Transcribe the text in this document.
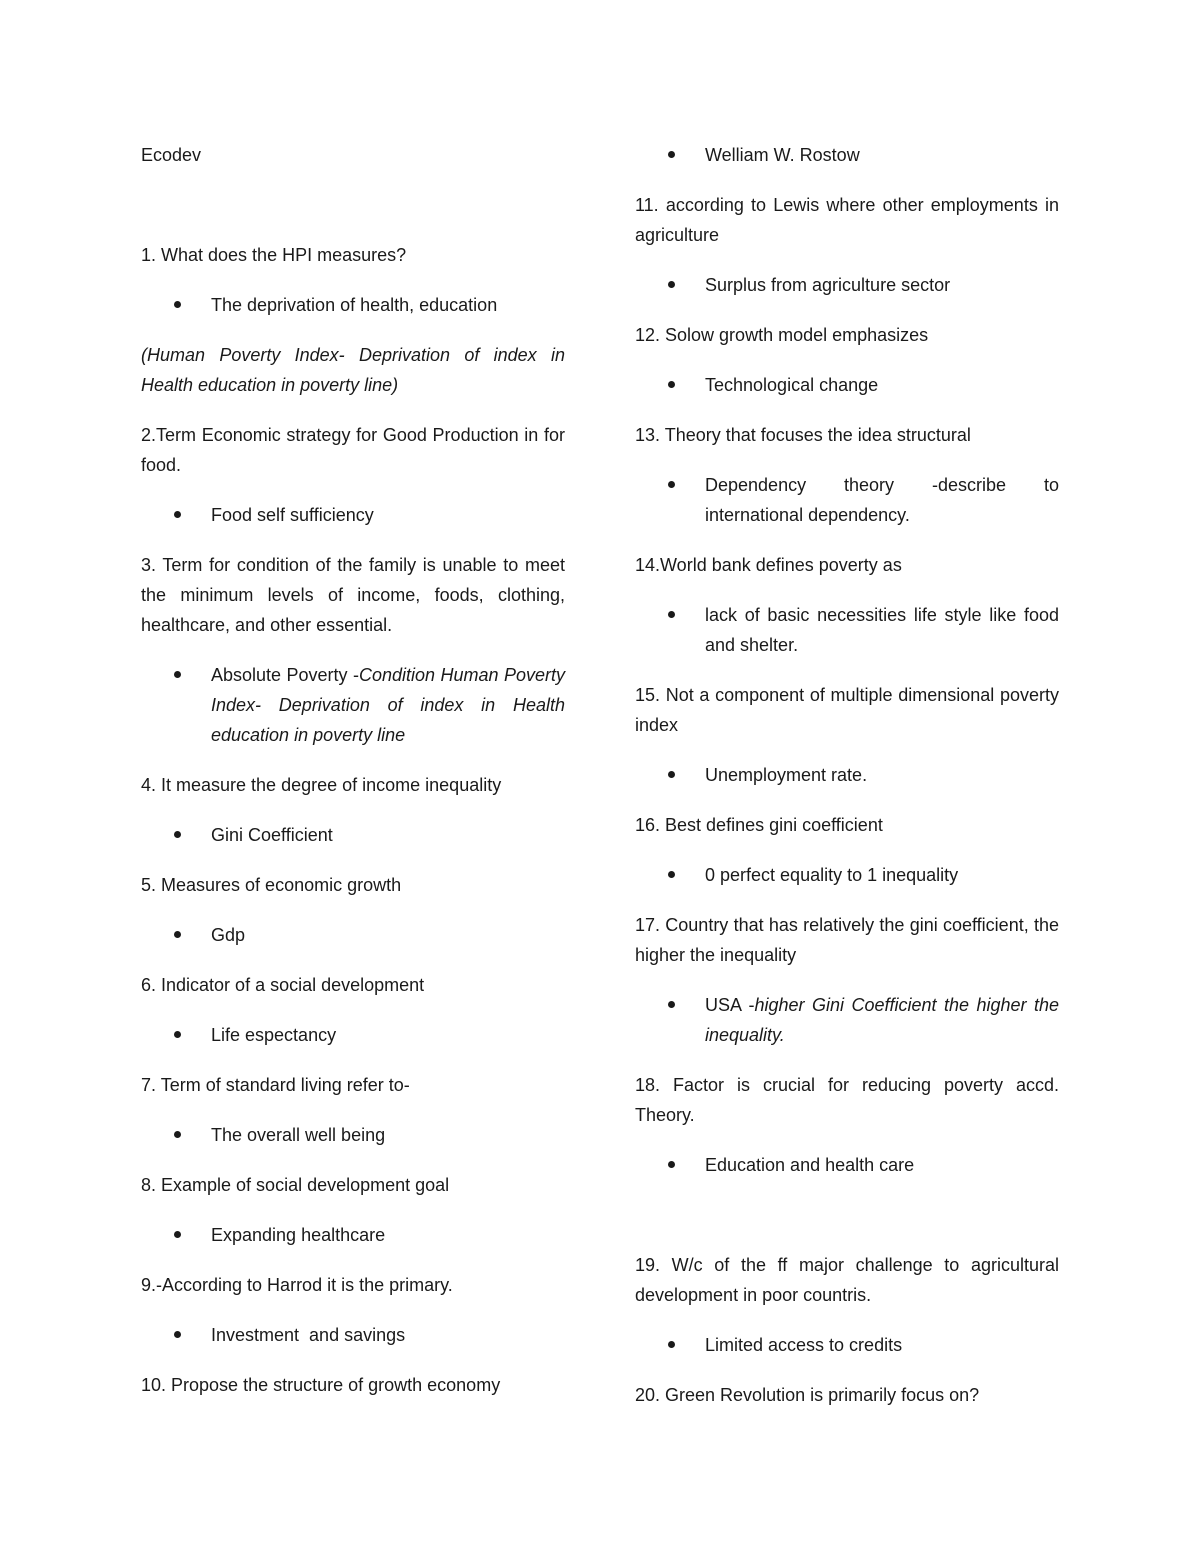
Ecodev
1. What does the HPI measures?
The deprivation of health, education
(Human Poverty Index- Deprivation of index in Health education in poverty line)
2.Term Economic strategy for Good Production in for food.
Food self sufficiency
3. Term for condition of the family is unable to meet the minimum levels of income, foods, clothing, healthcare, and other essential.
Absolute Poverty -Condition Human Poverty Index- Deprivation of index in Health education in poverty line
4. It measure the degree of income inequality
Gini Coefficient
5. Measures of economic growth
Gdp
6. Indicator of a social development
Life espectancy
7. Term of standard living refer to-
The overall well being
8. Example of social development goal
Expanding healthcare
9.-According to Harrod it is the primary.
Investment  and savings
10. Propose the structure of growth economy
Welliam W. Rostow
11. according to Lewis where other employments in agriculture
Surplus from agriculture sector
12. Solow growth model emphasizes
Technological change
13. Theory that focuses the idea structural
Dependency theory -describe to international dependency.
14.World bank defines poverty as
lack of basic necessities life style like food and shelter.
15. Not a component of multiple dimensional poverty index
Unemployment rate.
16. Best defines gini coefficient
0 perfect equality to 1 inequality
17. Country that has relatively the gini coefficient, the higher the inequality
USA -higher Gini Coefficient the higher the inequality.
18. Factor is crucial for reducing poverty accd. Theory.
Education and health care
19. W/c of the ff major challenge to agricultural development in poor countris.
Limited access to credits
20. Green Revolution is primarily focus on?
